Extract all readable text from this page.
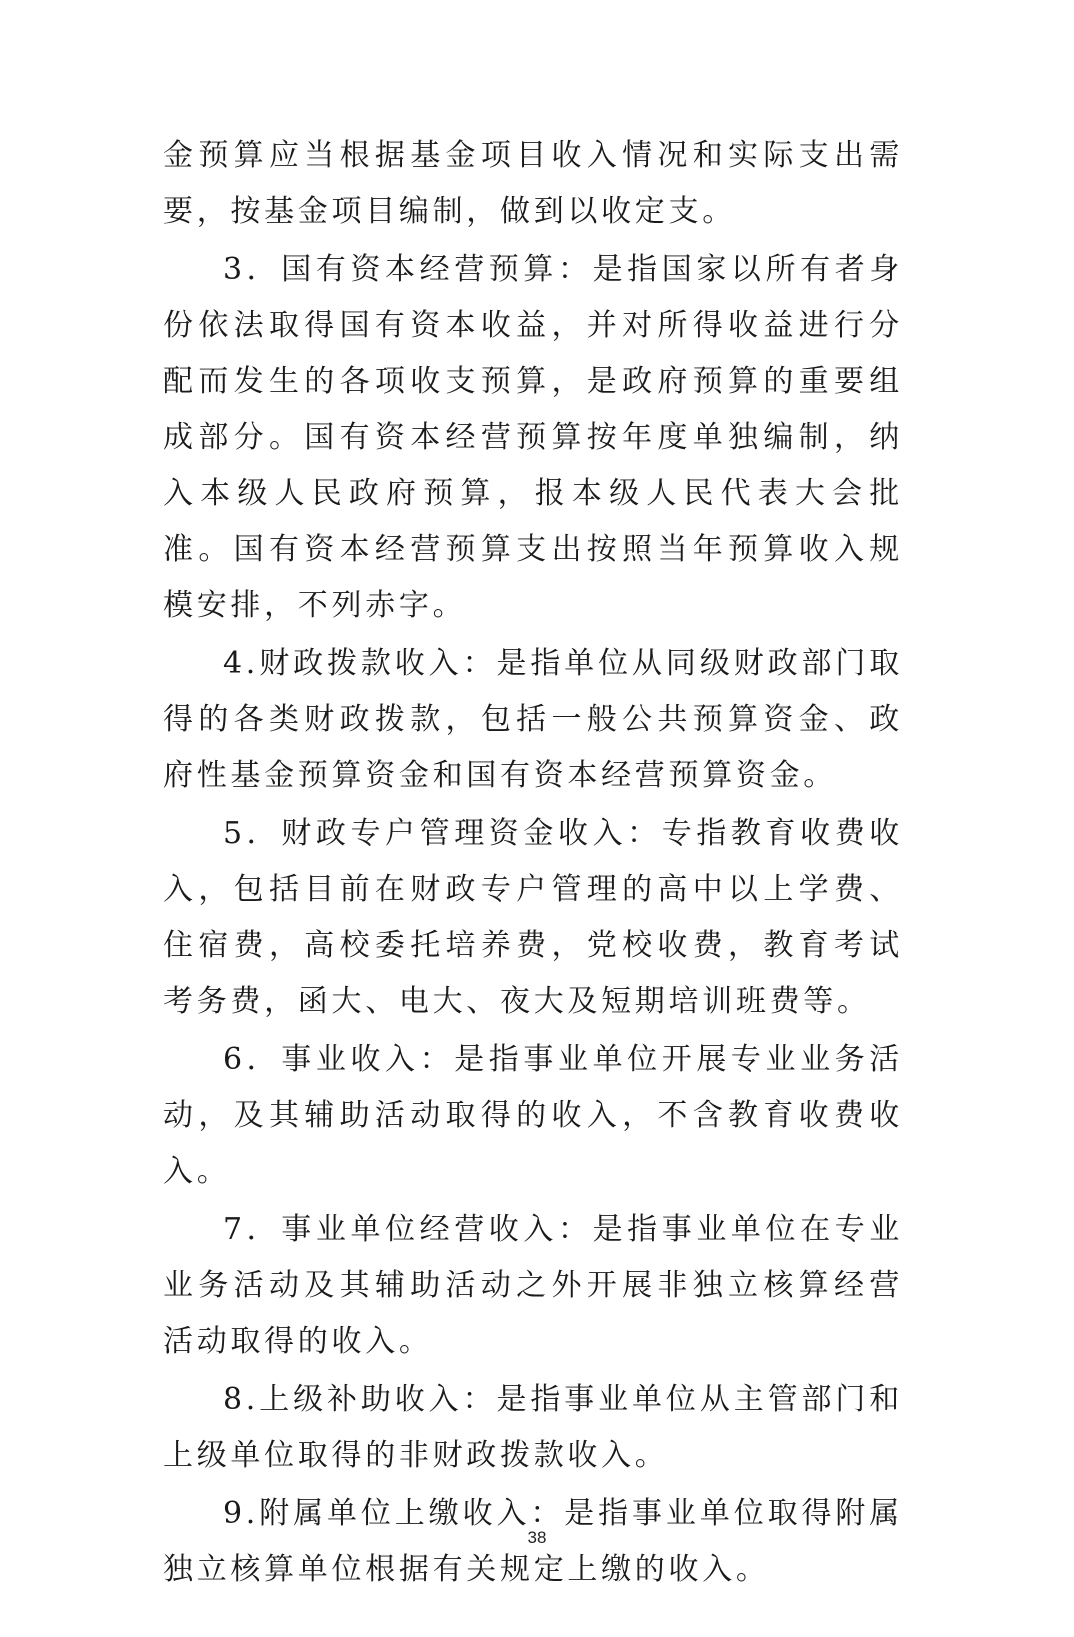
金预算应当根据基金项目收入情况和实际支出需要，按基金项目编制，做到以收定支。

3．国有资本经营预算：是指国家以所有者身份依法取得国有资本收益，并对所得收益进行分配而发生的各项收支预算，是政府预算的重要组成部分。国有资本经营预算按年度单独编制，纳入本级人民政府预算，报本级人民代表大会批准。国有资本经营预算支出按照当年预算收入规模安排，不列赤字。

4.财政拨款收入：是指单位从同级财政部门取得的各类财政拨款，包括一般公共预算资金、政府性基金预算资金和国有资本经营预算资金。

5．财政专户管理资金收入：专指教育收费收入，包括目前在财政专户管理的高中以上学费、住宿费，高校委托培养费，党校收费，教育考试考务费，函大、电大、夜大及短期培训班费等。

6．事业收入：是指事业单位开展专业业务活动，及其辅助活动取得的收入，不含教育收费收入。

7．事业单位经营收入：是指事业单位在专业业务活动及其辅助活动之外开展非独立核算经营活动取得的收入。

8.上级补助收入：是指事业单位从主管部门和上级单位取得的非财政拨款收入。

9.附属单位上缴收入：是指事业单位取得附属独立核算单位根据有关规定上缴的收入。

38
